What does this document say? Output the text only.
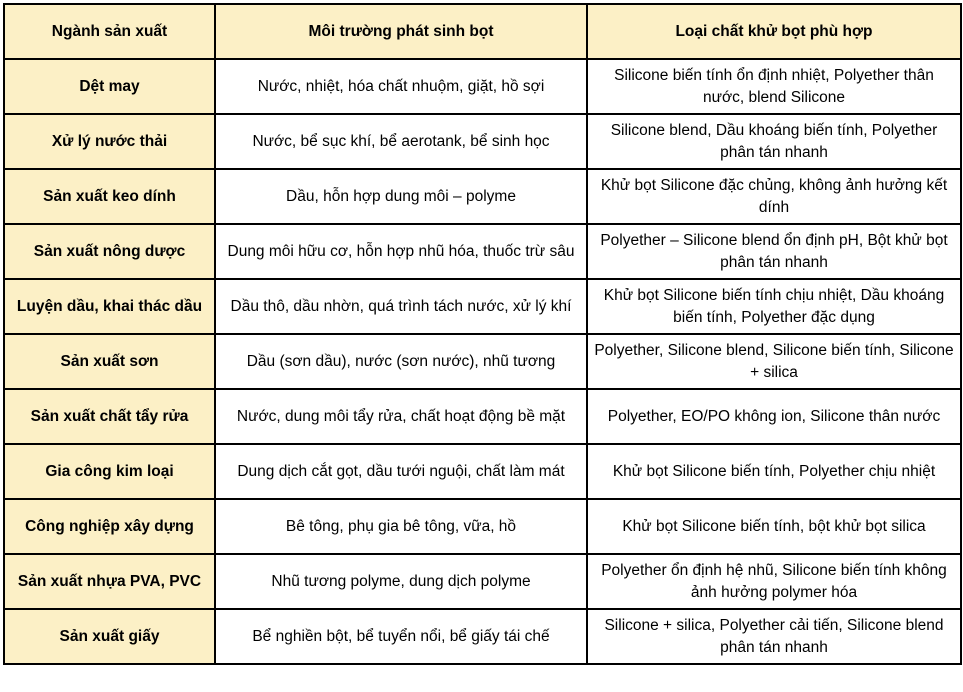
Ngành sản xuất	Môi trường phát sinh bọt	Loại chất khử bọt phù hợp
Dệt may	Nước, nhiệt, hóa chất nhuộm, giặt, hồ sợi	Silicone biến tính ổn định nhiệt, Polyether thân nước, blend Silicone
Xử lý nước thải	Nước, bể sục khí, bể aerotank, bể sinh học	Silicone blend, Dầu khoáng biến tính, Polyether phân tán nhanh
Sản xuất keo dính	Dầu, hỗn hợp dung môi – polyme	Khử bọt Silicone đặc chủng, không ảnh hưởng kết dính
Sản xuất nông dược	Dung môi hữu cơ, hỗn hợp nhũ hóa, thuốc trừ sâu	Polyether – Silicone blend ổn định pH, Bột khử bọt phân tán nhanh
Luyện dầu, khai thác dầu	Dầu thô, dầu nhờn, quá trình tách nước, xử lý khí	Khử bọt Silicone biến tính chịu nhiệt, Dầu khoáng biến tính, Polyether đặc dụng
Sản xuất sơn	Dầu (sơn dầu), nước (sơn nước), nhũ tương	Polyether, Silicone blend, Silicone biến tính, Silicone + silica
Sản xuất chất tẩy rửa	Nước, dung môi tẩy rửa, chất hoạt động bề mặt	Polyether, EO/PO không ion, Silicone thân nước
Gia công kim loại	Dung dịch cắt gọt, dầu tưới nguội, chất làm mát	Khử bọt Silicone biến tính, Polyether chịu nhiệt
Công nghiệp xây dựng	Bê tông, phụ gia bê tông, vữa, hồ	Khử bọt Silicone biến tính, bột khử bọt silica
Sản xuất nhựa PVA, PVC	Nhũ tương polyme, dung dịch polyme	Polyether ổn định hệ nhũ, Silicone biến tính không ảnh hưởng polymer hóa
Sản xuất giấy	Bể nghiền bột, bể tuyển nổi, bể giấy tái chế	Silicone + silica, Polyether cải tiến, Silicone blend phân tán nhanh
